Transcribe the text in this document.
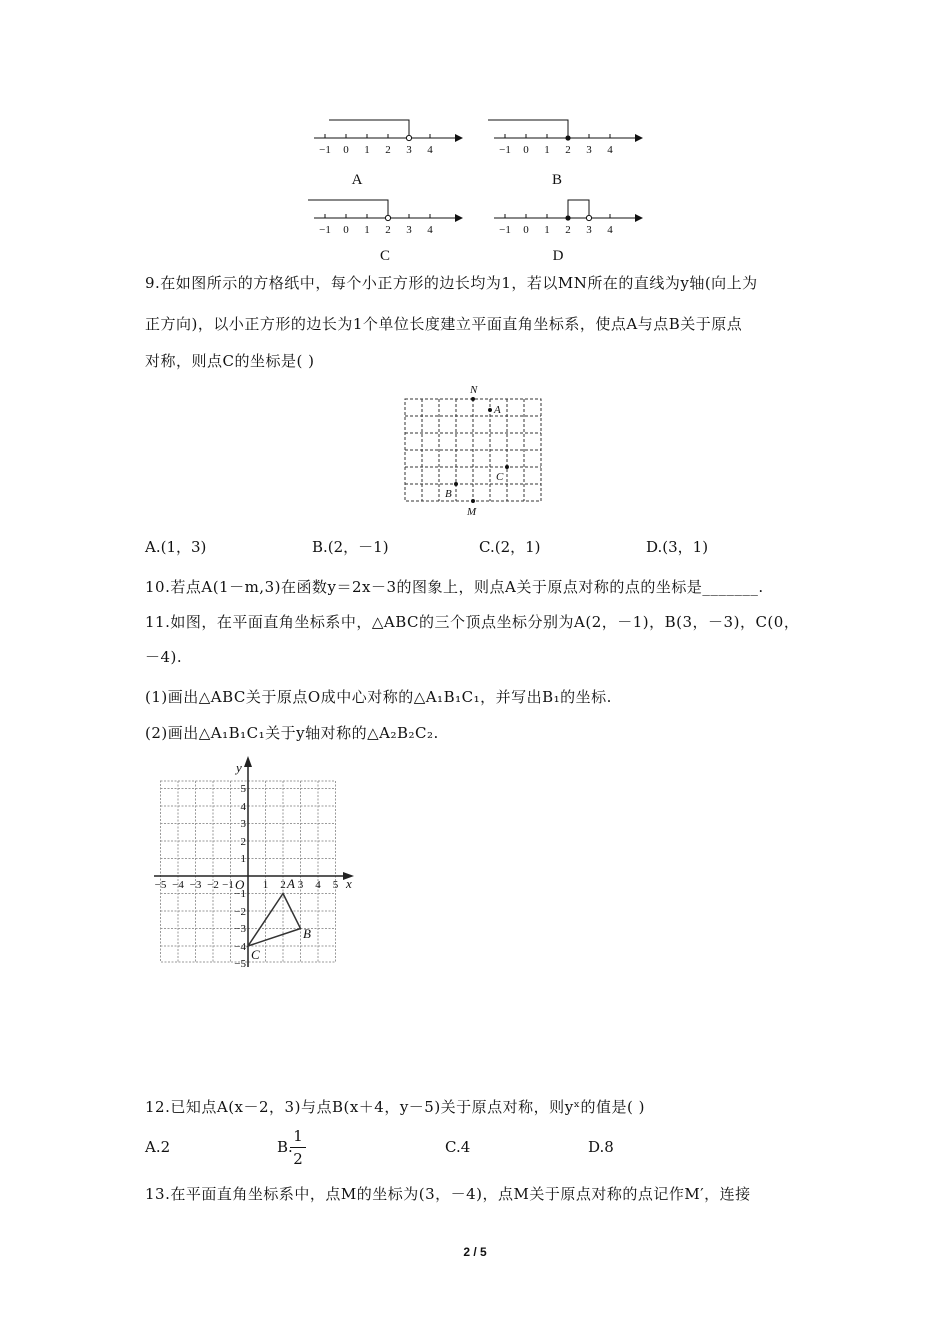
−1 0 1 2 3 4	−1 0 1 2 3 4
−1 0 1 2 3 4	−1 0 1 2 3 4
A	B
C	D
9.在如图所示的方格纸中，每个小正方形的边长均为1，若以MN所在的直线为y轴(向上为
正方向)，以小正方形的边长为1个单位长度建立平面直角坐标系，使点A与点B关于原点
对称，则点C的坐标是( )
N
A
C
B
M
A.(1，3)	B.(2，－1)	C.(2，1)	D.(3，1)
10.若点A(1－m,3)在函数y＝2x－3的图象上，则点A关于原点对称的点的坐标是_______.
11.如图，在平面直角坐标系中，△ABC的三个顶点坐标分别为A(2，－1)，B(3，－3)，C(0，
－4).
(1)画出△ABC关于原点O成中心对称的△A₁B₁C₁，并写出B₁的坐标.
(2)画出△A₁B₁C₁关于y轴对称的△A₂B₂C₂.
x
y
O
−5 −4 −3 −2 −1	1 2 3 4 5
5
4
3
2
1
−1
−2
−3
−4
−5
A
B
C
12.已知点A(x－2，3)与点B(x＋4，y－5)关于原点对称，则yˣ的值是( )
A.2	B.
1
2
C.4	D.8
13.在平面直角坐标系中，点M的坐标为(3，－4)，点M关于原点对称的点记作M′，连接
2 / 5
